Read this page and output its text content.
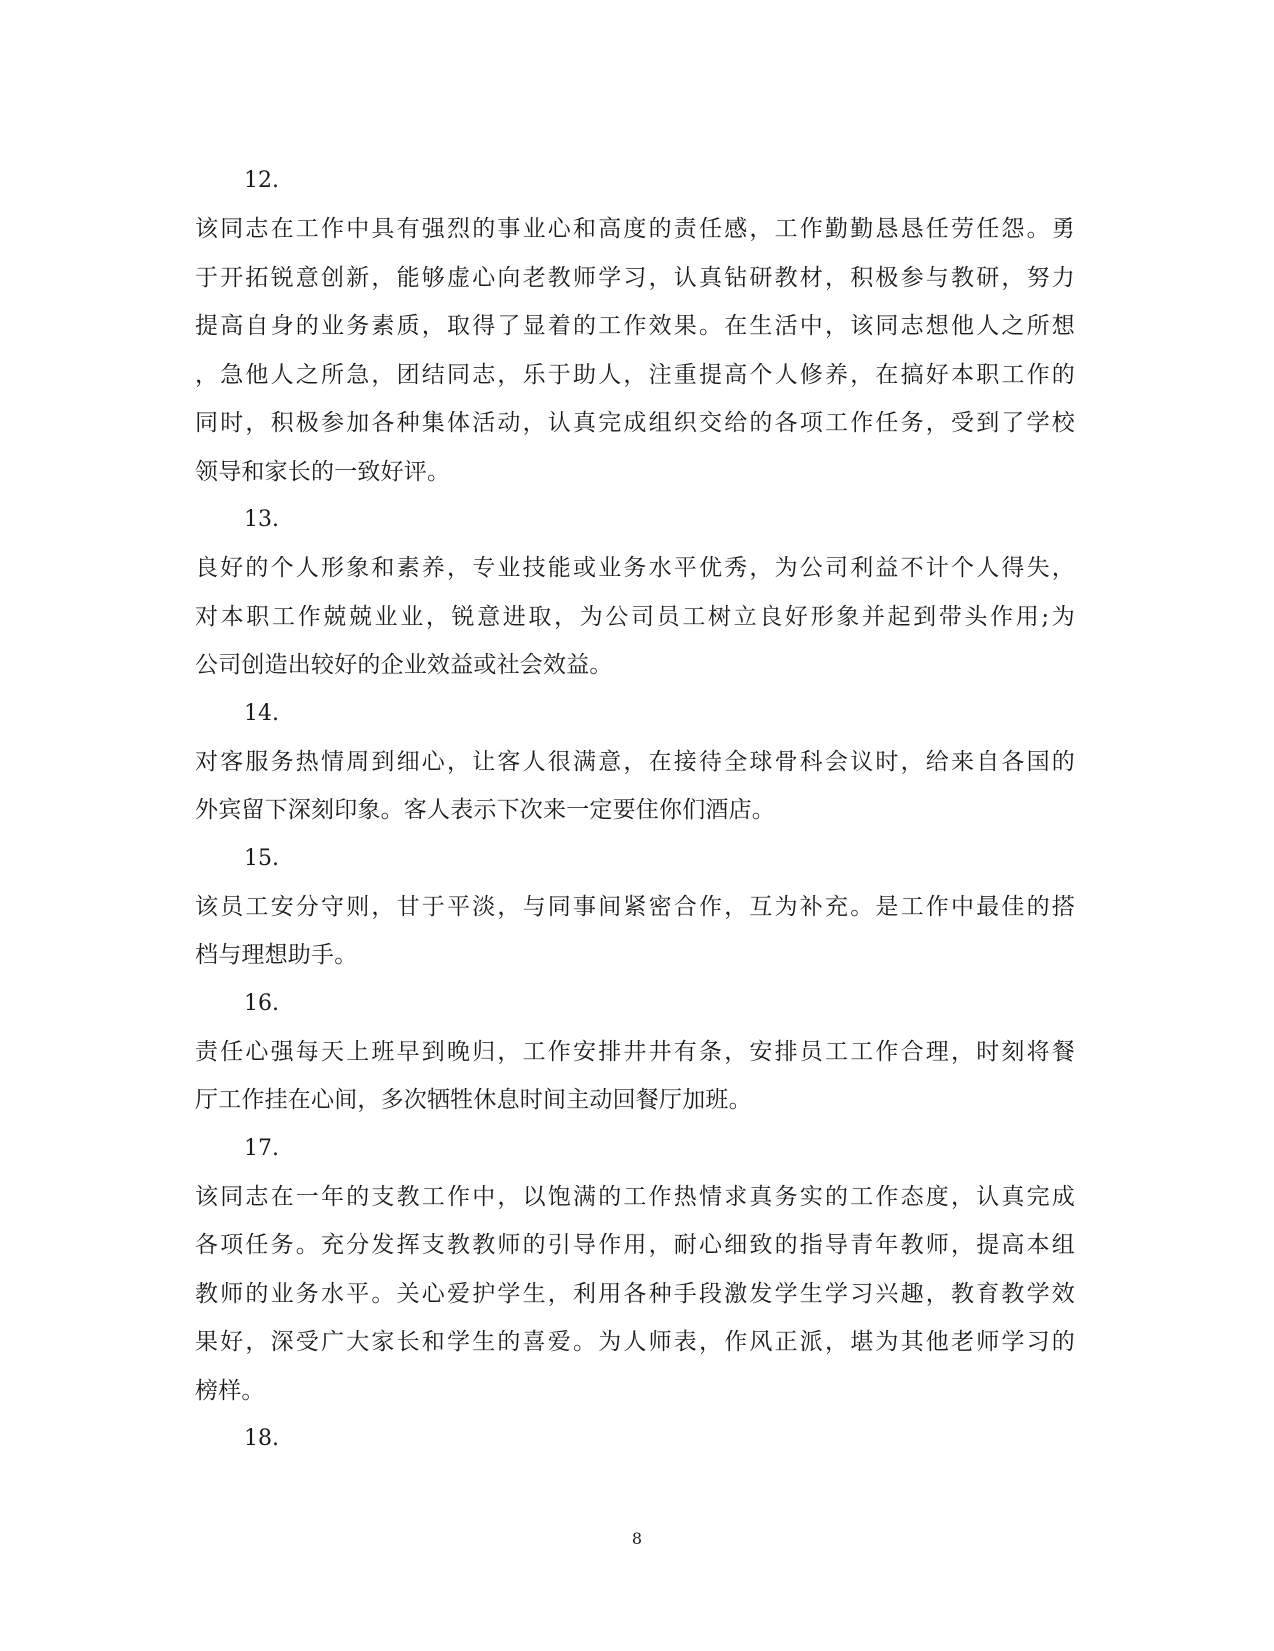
12.

该同志在工作中具有强烈的事业心和高度的责任感，工作勤勤恳恳任劳任怨。勇

于开拓锐意创新，能够虚心向老教师学习，认真钻研教材，积极参与教研，努力

提高自身的业务素质，取得了显着的工作效果。在生活中，该同志想他人之所想

，急他人之所急，团结同志，乐于助人，注重提高个人修养，在搞好本职工作的

同时，积极参加各种集体活动，认真完成组织交给的各项工作任务，受到了学校

领导和家长的一致好评。

13.

良好的个人形象和素养，专业技能或业务水平优秀，为公司利益不计个人得失，

对本职工作兢兢业业，锐意进取，为公司员工树立良好形象并起到带头作用;为

公司创造出较好的企业效益或社会效益。

14.

对客服务热情周到细心，让客人很满意，在接待全球骨科会议时，给来自各国的

外宾留下深刻印象。客人表示下次来一定要住你们酒店。

15.

该员工安分守则，甘于平淡，与同事间紧密合作，互为补充。是工作中最佳的搭

档与理想助手。

16.

责任心强每天上班早到晚归，工作安排井井有条，安排员工工作合理，时刻将餐

厅工作挂在心间，多次牺牲休息时间主动回餐厅加班。

17.

该同志在一年的支教工作中，以饱满的工作热情求真务实的工作态度，认真完成

各项任务。充分发挥支教教师的引导作用，耐心细致的指导青年教师，提高本组

教师的业务水平。关心爱护学生，利用各种手段激发学生学习兴趣，教育教学效

果好，深受广大家长和学生的喜爱。为人师表，作风正派，堪为其他老师学习的

榜样。

18.

8
